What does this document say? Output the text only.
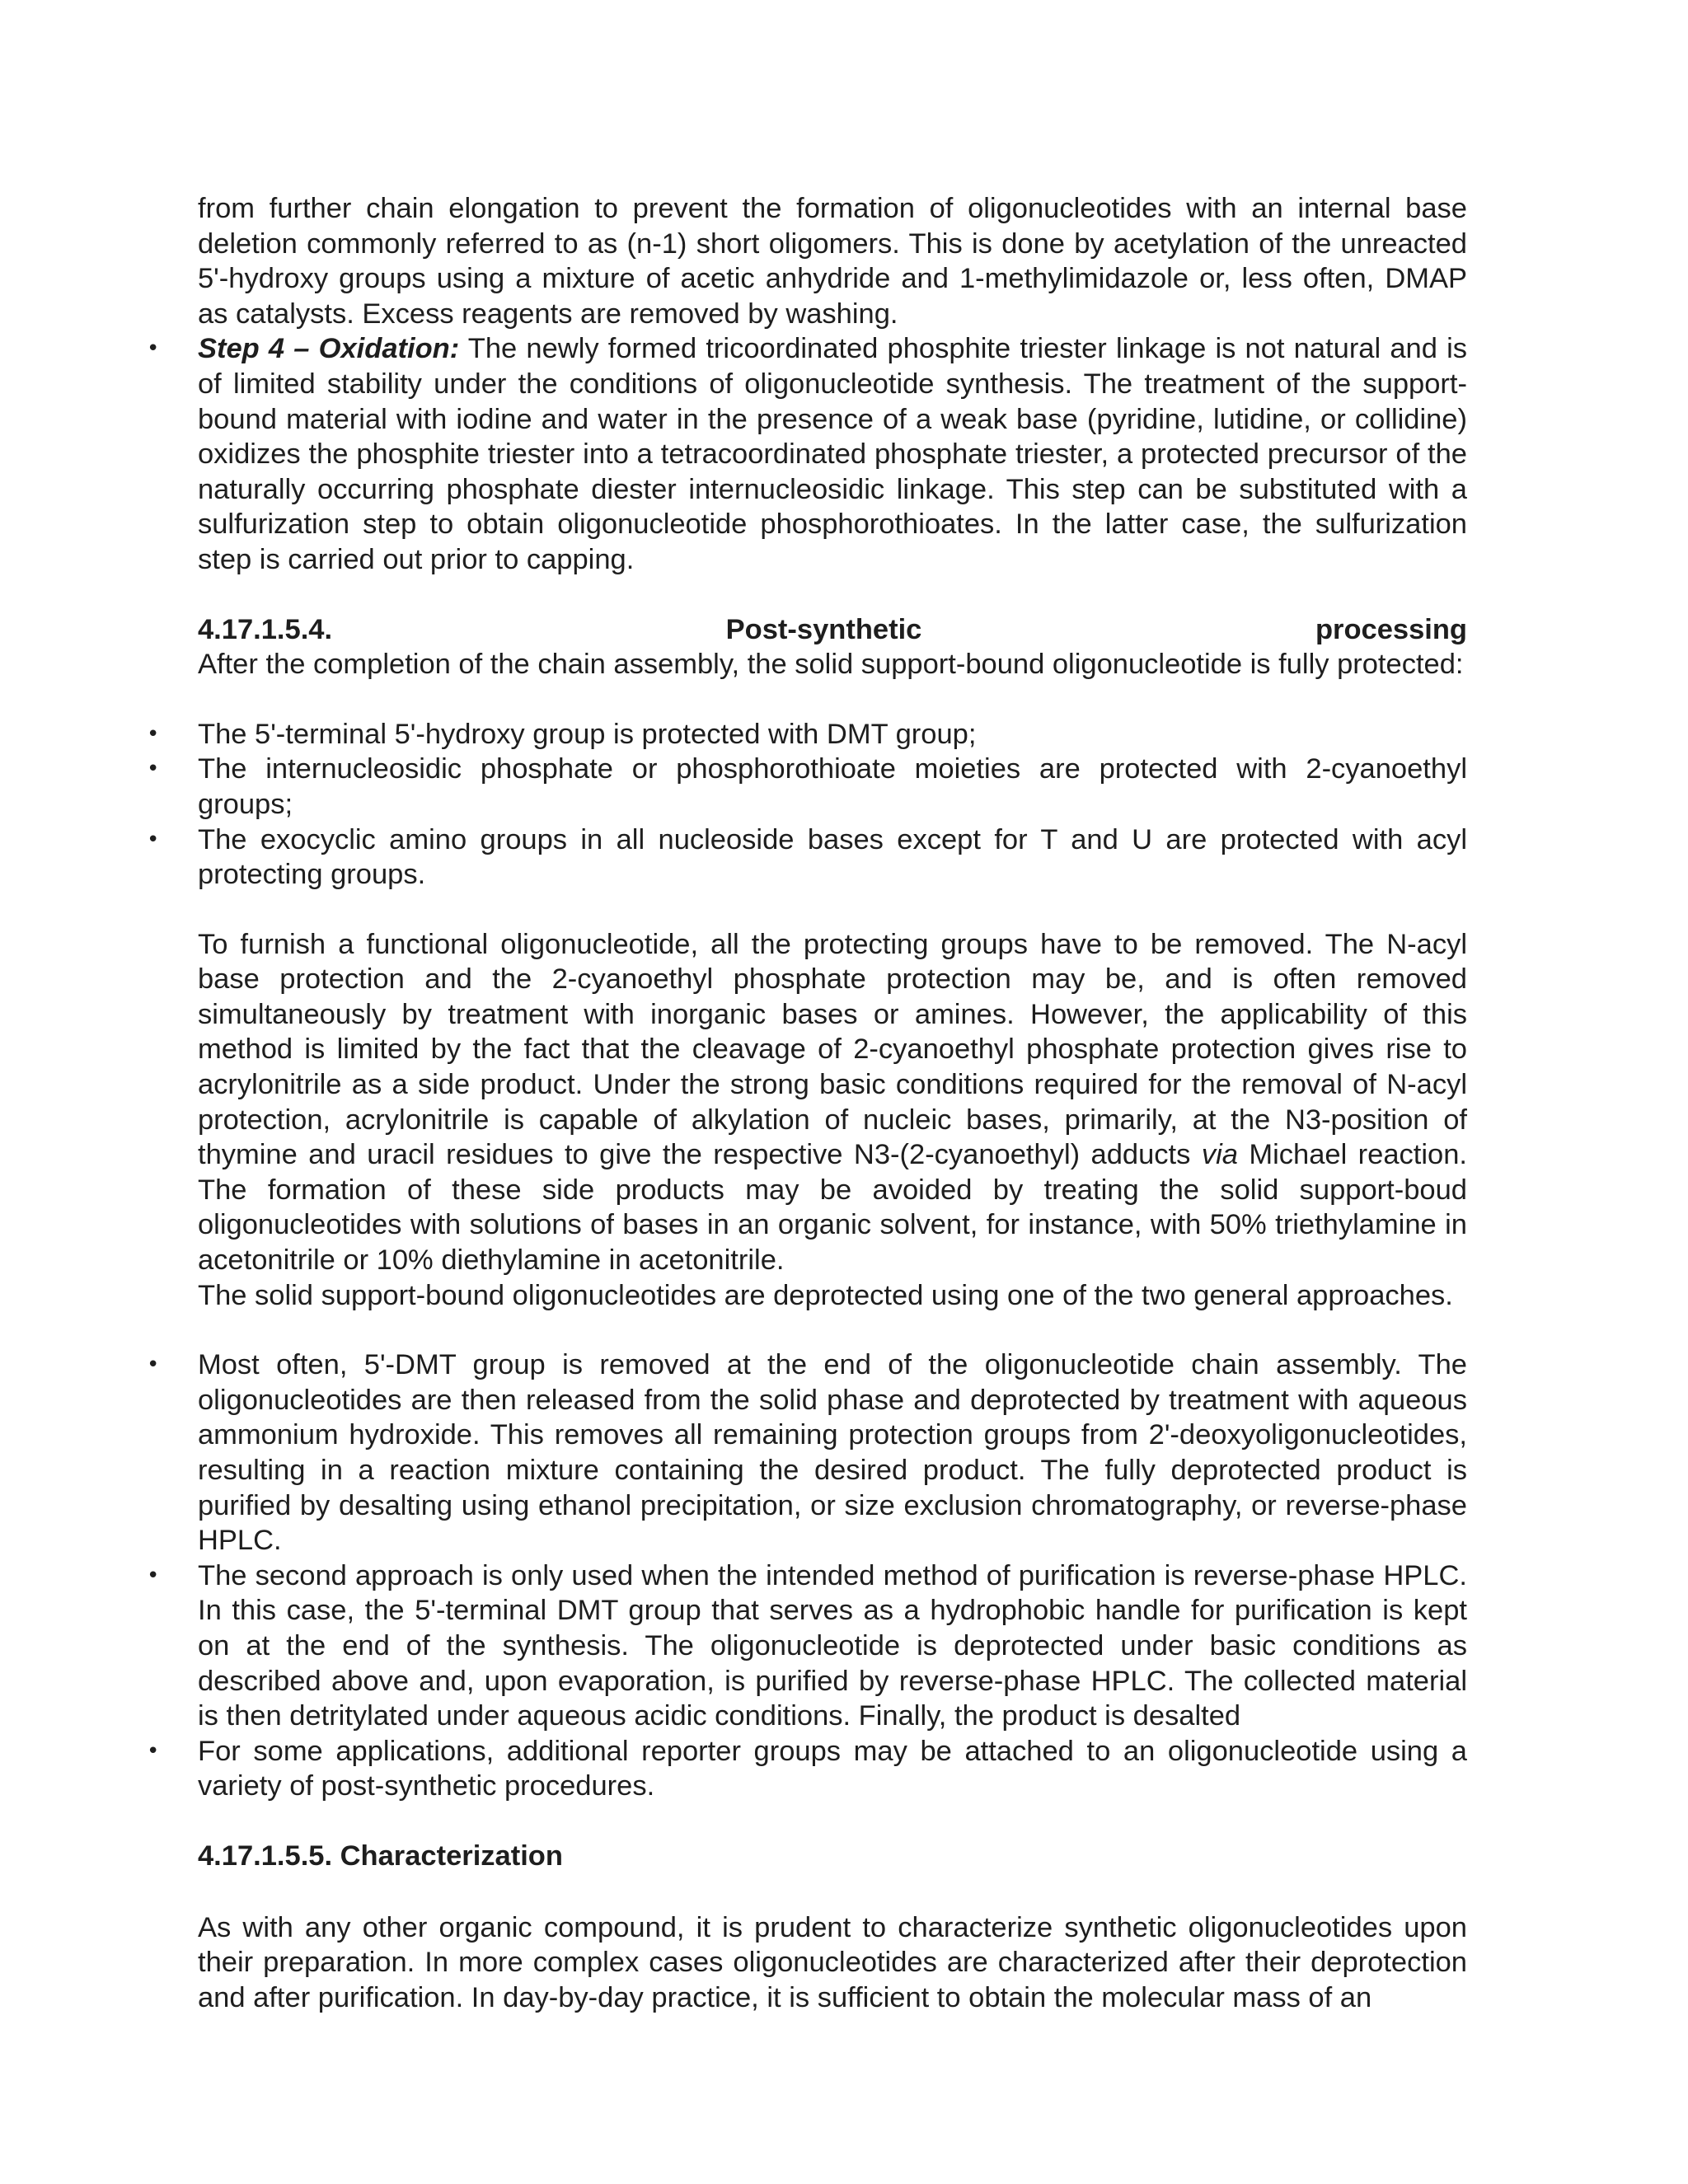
from further chain elongation to prevent the formation of oligonucleotides with an internal base deletion commonly referred to as (n-1) short oligomers. This is done by acetylation of the unreacted 5'-hydroxy groups using a mixture of acetic anhydride and 1-methylimidazole or, less often, DMAP as catalysts. Excess reagents are removed by washing.

• Step 4 – Oxidation: The newly formed tricoordinated phosphite triester linkage is not natural and is of limited stability under the conditions of oligonucleotide synthesis. The treatment of the support-bound material with iodine and water in the presence of a weak base (pyridine, lutidine, or collidine) oxidizes the phosphite triester into a tetracoordinated phosphate triester, a protected precursor of the naturally occurring phosphate diester internucleosidic linkage. This step can be substituted with a sulfurization step to obtain oligonucleotide phosphorothioates. In the latter case, the sulfurization step is carried out prior to capping.
4.17.1.5.4.	Post-synthetic	processing

After the completion of the chain assembly, the solid support-bound oligonucleotide is fully protected:

• The 5'-terminal 5'-hydroxy group is protected with DMT group;
• The internucleosidic phosphate or phosphorothioate moieties are protected with 2-cyanoethyl groups;
• The exocyclic amino groups in all nucleoside bases except for T and U are protected with acyl protecting groups.

To furnish a functional oligonucleotide, all the protecting groups have to be removed. The N-acyl base protection and the 2-cyanoethyl phosphate protection may be, and is often removed simultaneously by treatment with inorganic bases or amines. However, the applicability of this method is limited by the fact that the cleavage of 2-cyanoethyl phosphate protection gives rise to acrylonitrile as a side product. Under the strong basic conditions required for the removal of N-acyl protection, acrylonitrile is capable of alkylation of nucleic bases, primarily, at the N3-position of thymine and uracil residues to give the respective N3-(2-cyanoethyl) adducts via Michael reaction. The formation of these side products may be avoided by treating the solid support-boud oligonucleotides with solutions of bases in an organic solvent, for instance, with 50% triethylamine in acetonitrile or 10% diethylamine in acetonitrile.

The solid support-bound oligonucleotides are deprotected using one of the two general approaches.

• Most often, 5'-DMT group is removed at the end of the oligonucleotide chain assembly. The oligonucleotides are then released from the solid phase and deprotected by treatment with aqueous ammonium hydroxide. This removes all remaining protection groups from 2'-deoxyoligonucleotides, resulting in a reaction mixture containing the desired product. The fully deprotected product is purified by desalting using ethanol precipitation, or size exclusion chromatography, or reverse-phase HPLC.
• The second approach is only used when the intended method of purification is reverse-phase HPLC. In this case, the 5'-terminal DMT group that serves as a hydrophobic handle for purification is kept on at the end of the synthesis. The oligonucleotide is deprotected under basic conditions as described above and, upon evaporation, is purified by reverse-phase HPLC. The collected material is then detritylated under aqueous acidic conditions. Finally, the product is desalted
• For some applications, additional reporter groups may be attached to an oligonucleotide using a variety of post-synthetic procedures.

4.17.1.5.5. Characterization

As with any other organic compound, it is prudent to characterize synthetic oligonucleotides upon their preparation. In more complex cases oligonucleotides are characterized after their deprotection and after purification. In day-by-day practice, it is sufficient to obtain the molecular mass of an
